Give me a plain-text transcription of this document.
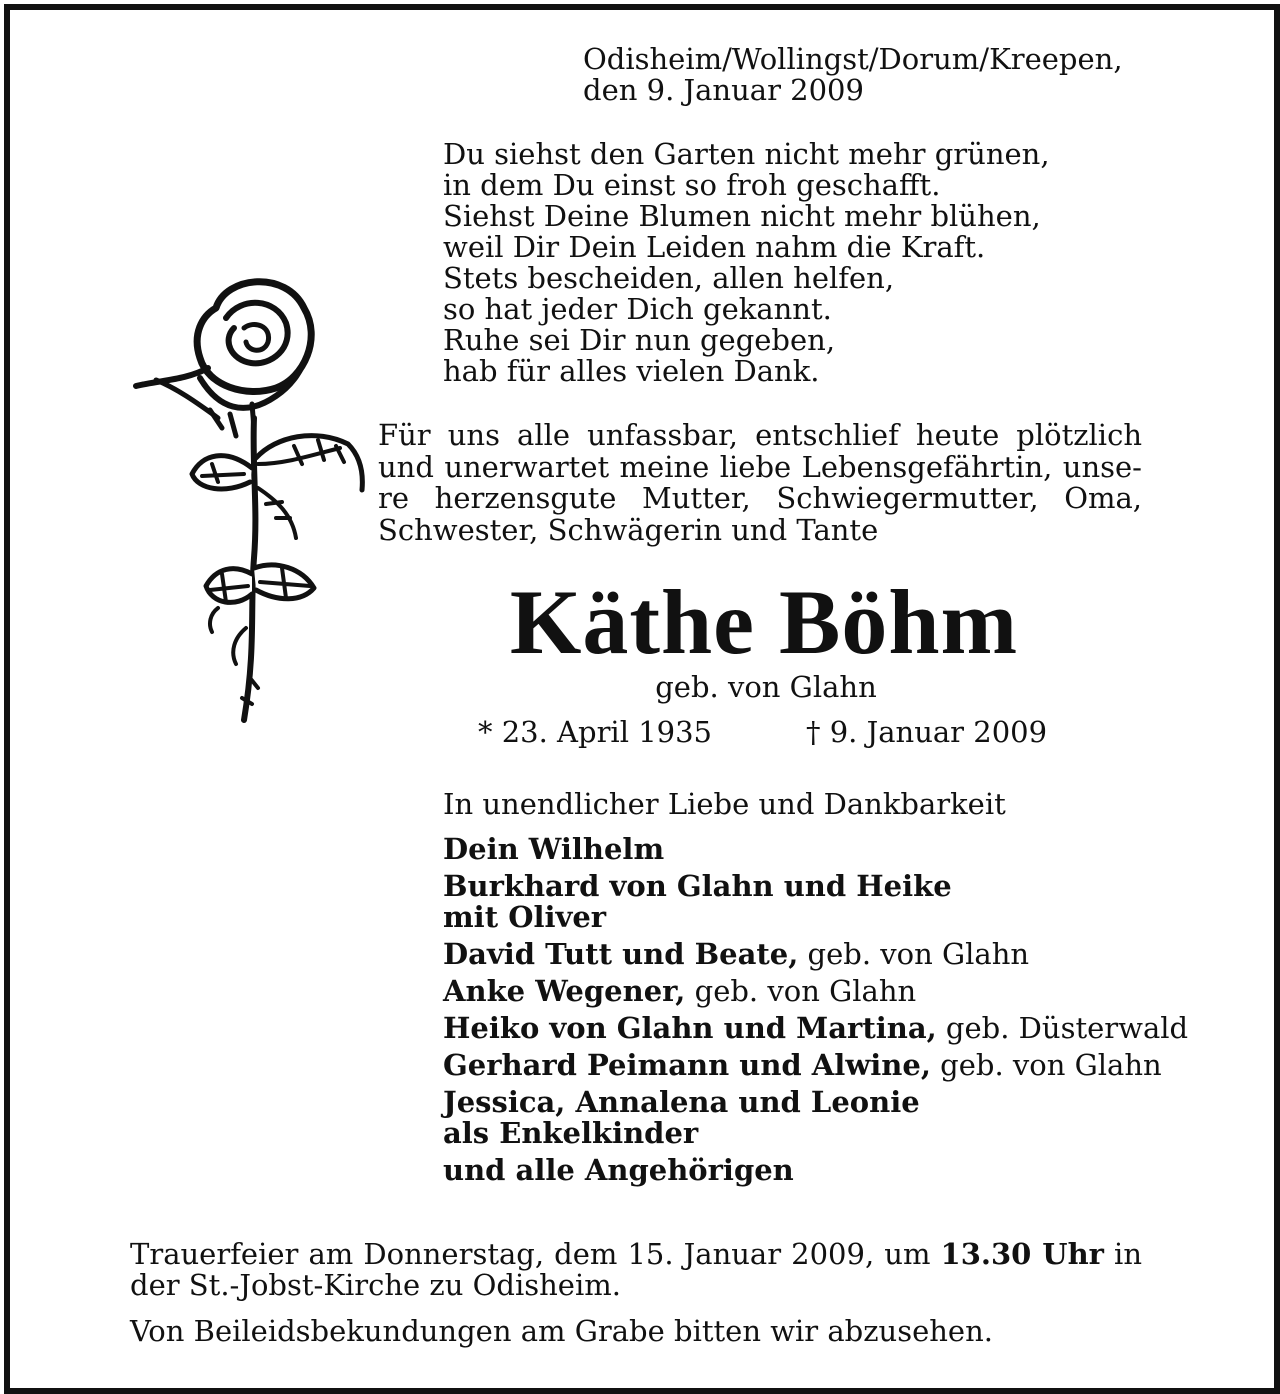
Odisheim/Wollingst/Dorum/Kreepen,
den 9. Januar 2009
Du siehst den Garten nicht mehr grünen,
in dem Du einst so froh geschafft.
Siehst Deine Blumen nicht mehr blühen,
weil Dir Dein Leiden nahm die Kraft.
Stets bescheiden, allen helfen,
so hat jeder Dich gekannt.
Ruhe sei Dir nun gegeben,
hab für alles vielen Dank.
Für uns alle unfassbar, entschlief heute plötzlich
und unerwartet meine liebe Lebensgefährtin, unse-
re herzensgute Mutter, Schwiegermutter, Oma,
Schwester, Schwägerin und Tante
Käthe Böhm
geb. von Glahn
* 23. April 1935	† 9. Januar 2009
In unendlicher Liebe und Dankbarkeit
Dein Wilhelm
Burkhard von Glahn und Heike
mit Oliver
David Tutt und Beate, geb. von Glahn
Anke Wegener, geb. von Glahn
Heiko von Glahn und Martina, geb. Düsterwald
Gerhard Peimann und Alwine, geb. von Glahn
Jessica, Annalena und Leonie
als Enkelkinder
und alle Angehörigen
Trauerfeier am Donnerstag, dem 15. Januar 2009, um 13.30 Uhr in
der St.-Jobst-Kirche zu Odisheim.
Von Beileidsbekundungen am Grabe bitten wir abzusehen.
